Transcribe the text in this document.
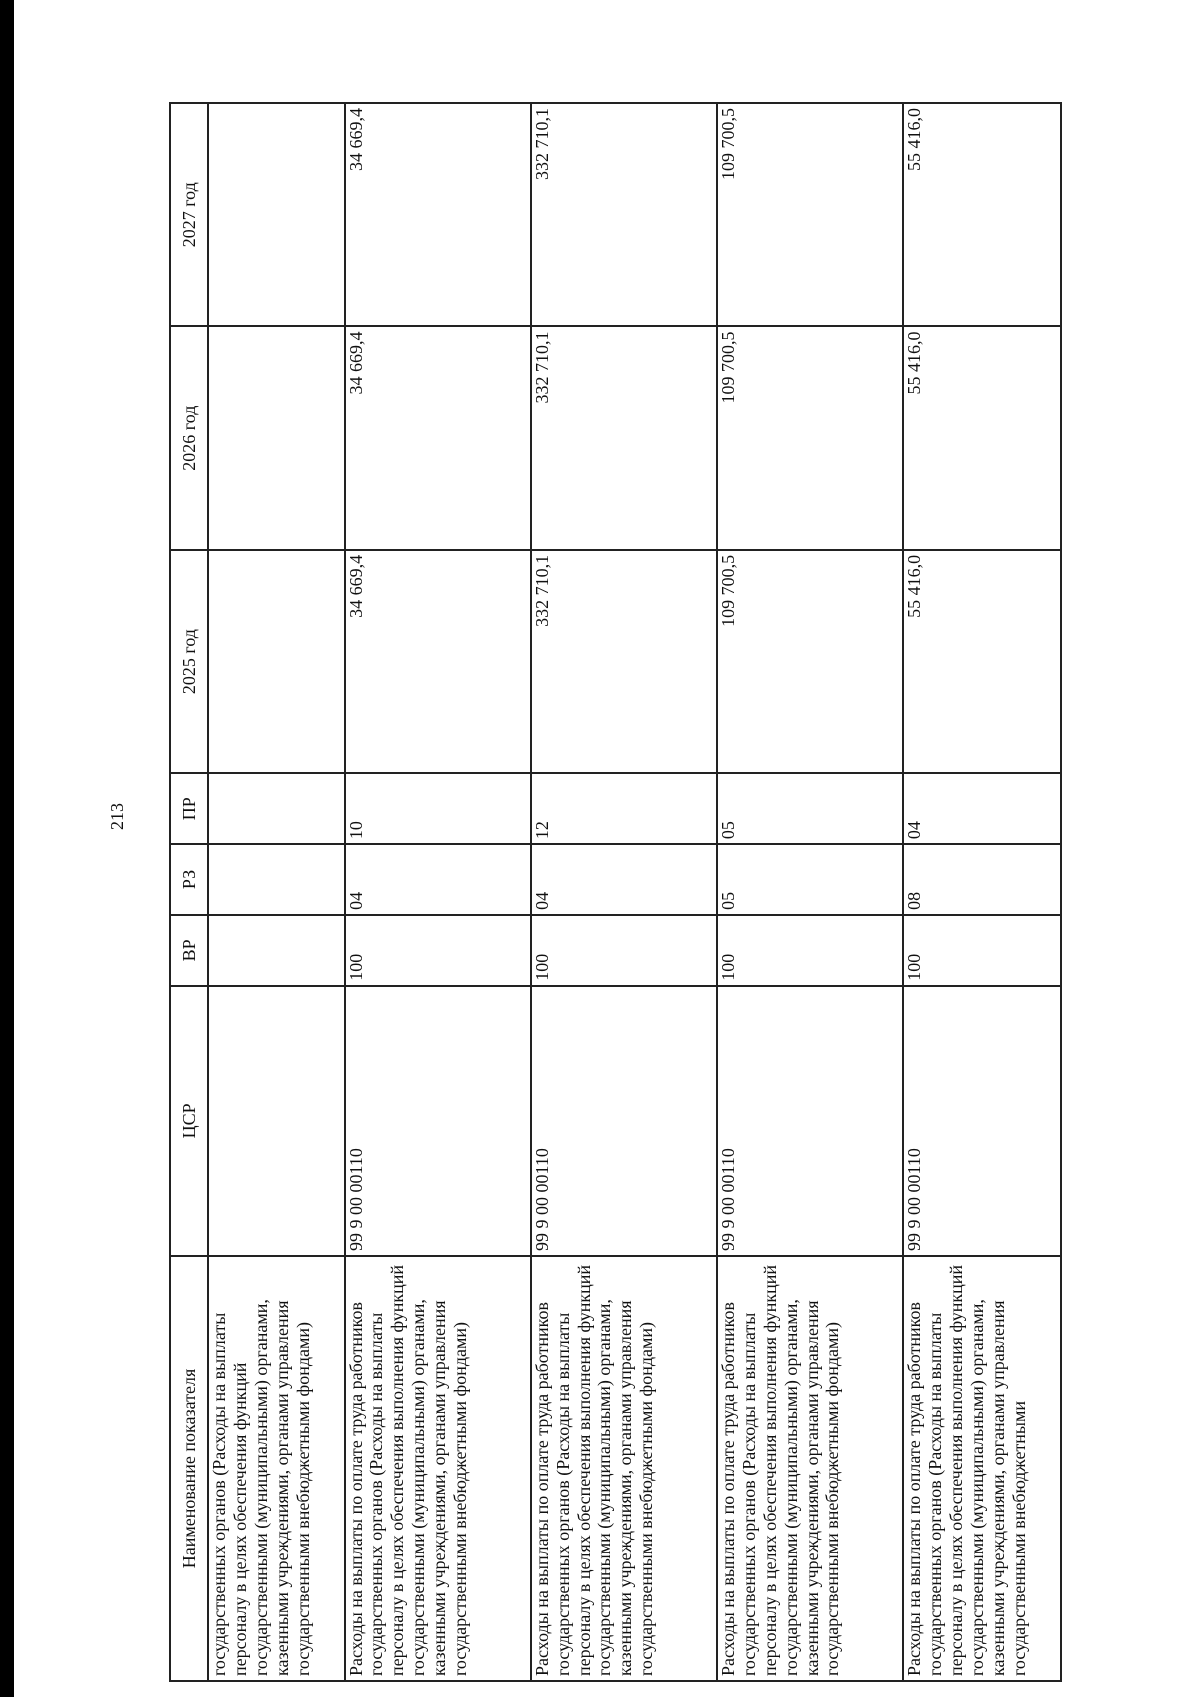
213
Наименование показателя	ЦСР	ВР	РЗ	ПР	2025 год	2026 год	2027 год
государственных органов (Расходы на выплаты персоналу в целях обеспечения функций государственными (муниципальными) органами, казенными учреждениями, органами управления государственными внебюджетными фондами)							
Расходы на выплаты по оплате труда работников государственных органов (Расходы на выплаты персоналу в целях обеспечения выполнения функций государственными (муниципальными) органами, казенными учреждениями, органами управления государственными внебюджетными фондами)	99 9 00 00110	100	04	10	34 669,4	34 669,4	34 669,4
Расходы на выплаты по оплате труда работников государственных органов (Расходы на выплаты персоналу в целях обеспечения выполнения функций государственными (муниципальными) органами, казенными учреждениями, органами управления государственными внебюджетными фондами)	99 9 00 00110	100	04	12	332 710,1	332 710,1	332 710,1
Расходы на выплаты по оплате труда работников государственных органов (Расходы на выплаты персоналу в целях обеспечения выполнения функций государственными (муниципальными) органами, казенными учреждениями, органами управления государственными внебюджетными фондами)	99 9 00 00110	100	05	05	109 700,5	109 700,5	109 700,5
Расходы на выплаты по оплате труда работников государственных органов (Расходы на выплаты персоналу в целях обеспечения выполнения функций государственными (муниципальными) органами, казенными учреждениями, органами управления государственными внебюджетными	99 9 00 00110	100	08	04	55 416,0	55 416,0	55 416,0
